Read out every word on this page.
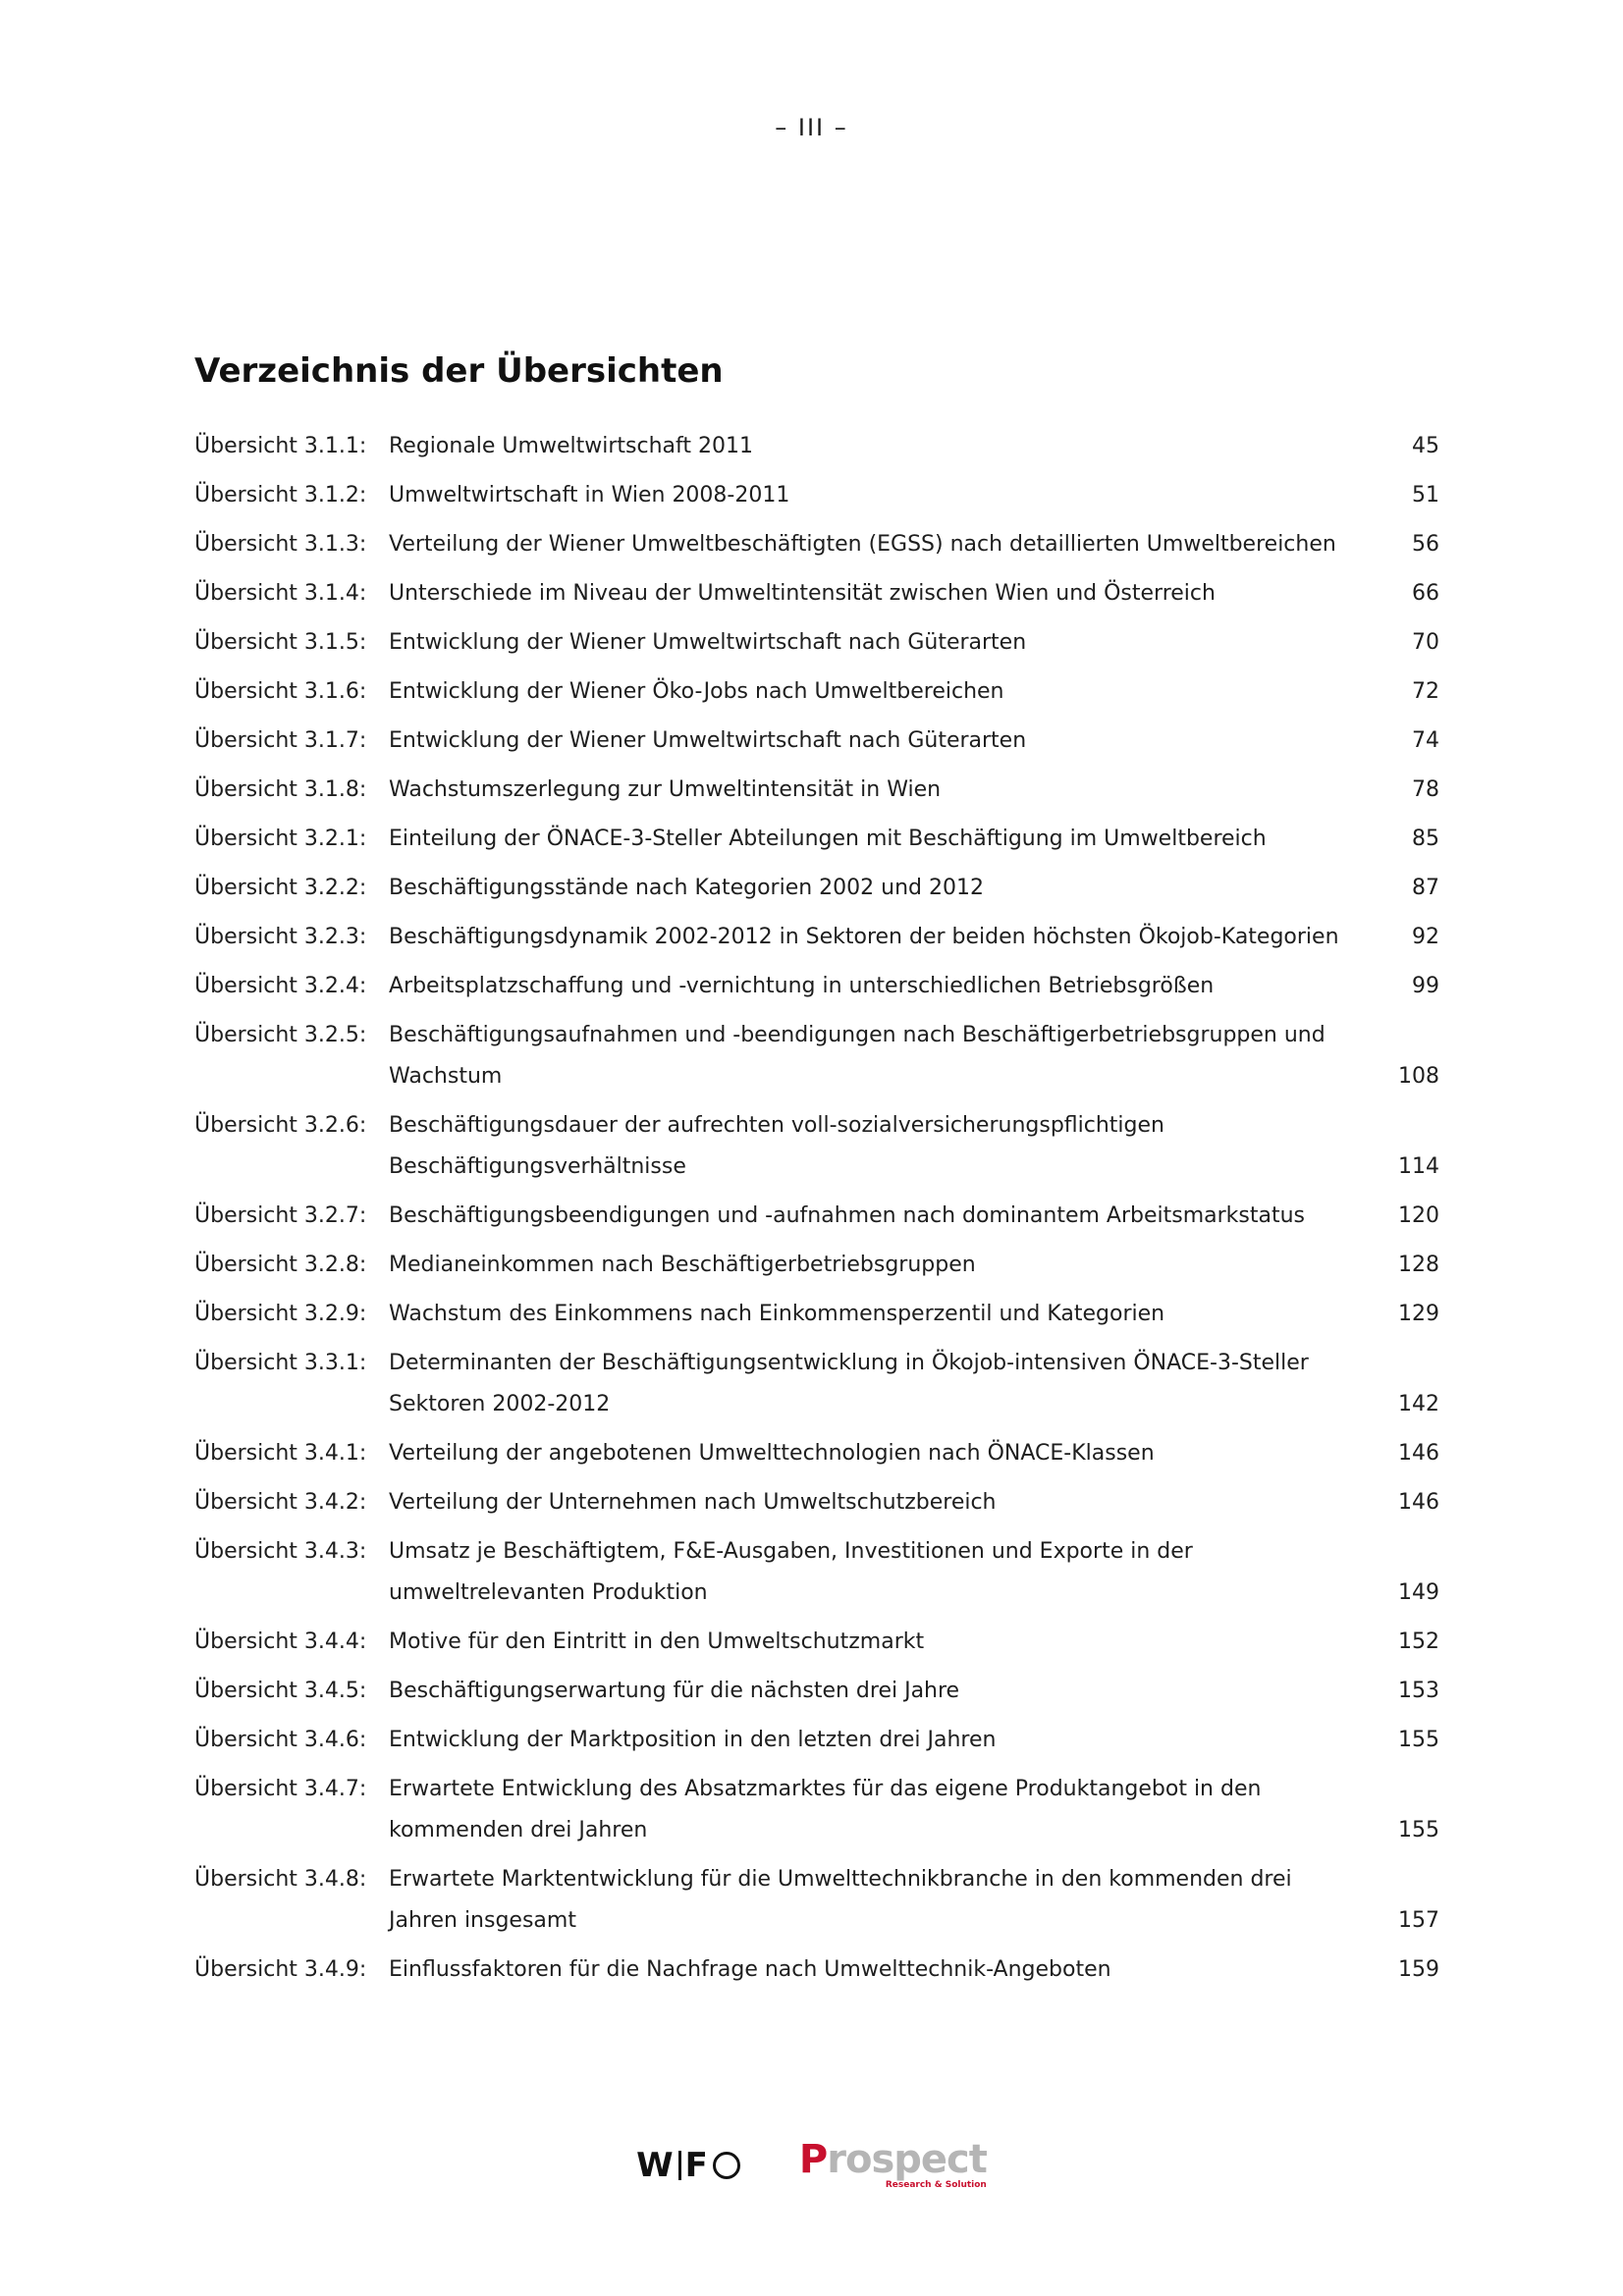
– III –
Verzeichnis der Übersichten
Übersicht 3.1.1:	Regionale Umweltwirtschaft 2011	45
Übersicht 3.1.2:	Umweltwirtschaft in Wien 2008-2011	51
Übersicht 3.1.3:	Verteilung der Wiener Umweltbeschäftigten (EGSS) nach detaillierten Umweltbereichen	56
Übersicht 3.1.4:	Unterschiede im Niveau der Umweltintensität zwischen Wien und Österreich	66
Übersicht 3.1.5:	Entwicklung der Wiener Umweltwirtschaft nach Güterarten	70
Übersicht 3.1.6:	Entwicklung der Wiener Öko-Jobs nach Umweltbereichen	72
Übersicht 3.1.7:	Entwicklung der Wiener Umweltwirtschaft nach Güterarten	74
Übersicht 3.1.8:	Wachstumszerlegung zur Umweltintensität in Wien	78
Übersicht 3.2.1:	Einteilung der ÖNACE-3-Steller Abteilungen mit Beschäftigung im Umweltbereich	85
Übersicht 3.2.2:	Beschäftigungsstände nach Kategorien 2002 und 2012	87
Übersicht 3.2.3:	Beschäftigungsdynamik 2002-2012 in Sektoren der beiden höchsten Ökojob-Kategorien	92
Übersicht 3.2.4:	Arbeitsplatzschaffung und -vernichtung in unterschiedlichen Betriebsgrößen	99
Übersicht 3.2.5:	Beschäftigungsaufnahmen und -beendigungen nach Beschäftigerbetriebsgruppen und Wachstum	108
Übersicht 3.2.6:	Beschäftigungsdauer der aufrechten voll-sozialversicherungspflichtigen Beschäftigungsverhältnisse	114
Übersicht 3.2.7:	Beschäftigungsbeendigungen und -aufnahmen nach dominantem Arbeitsmarkstatus	120
Übersicht 3.2.8:	Medianeinkommen nach Beschäftigerbetriebsgruppen	128
Übersicht 3.2.9:	Wachstum des Einkommens nach Einkommensperzentil und Kategorien	129
Übersicht 3.3.1:	Determinanten der Beschäftigungsentwicklung in Ökojob-intensiven ÖNACE-3-Steller Sektoren 2002-2012	142
Übersicht 3.4.1:	Verteilung der angebotenen Umwelttechnologien nach ÖNACE-Klassen	146
Übersicht 3.4.2:	Verteilung der Unternehmen nach Umweltschutzbereich	146
Übersicht 3.4.3:	Umsatz je Beschäftigtem, F&E-Ausgaben, Investitionen und Exporte in der umweltrelevanten Produktion	149
Übersicht 3.4.4:	Motive für den Eintritt in den Umweltschutzmarkt	152
Übersicht 3.4.5:	Beschäftigungserwartung für die nächsten drei Jahre	153
Übersicht 3.4.6:	Entwicklung der Marktposition in den letzten drei Jahren	155
Übersicht 3.4.7:	Erwartete Entwicklung des Absatzmarktes für das eigene Produktangebot in den kommenden drei Jahren	155
Übersicht 3.4.8:	Erwartete Marktentwicklung für die Umwelttechnikbranche in den kommenden drei Jahren insgesamt	157
Übersicht 3.4.9:	Einflussfaktoren für die Nachfrage nach Umwelttechnik-Angeboten	159
W F Prospect
Research & Solution
